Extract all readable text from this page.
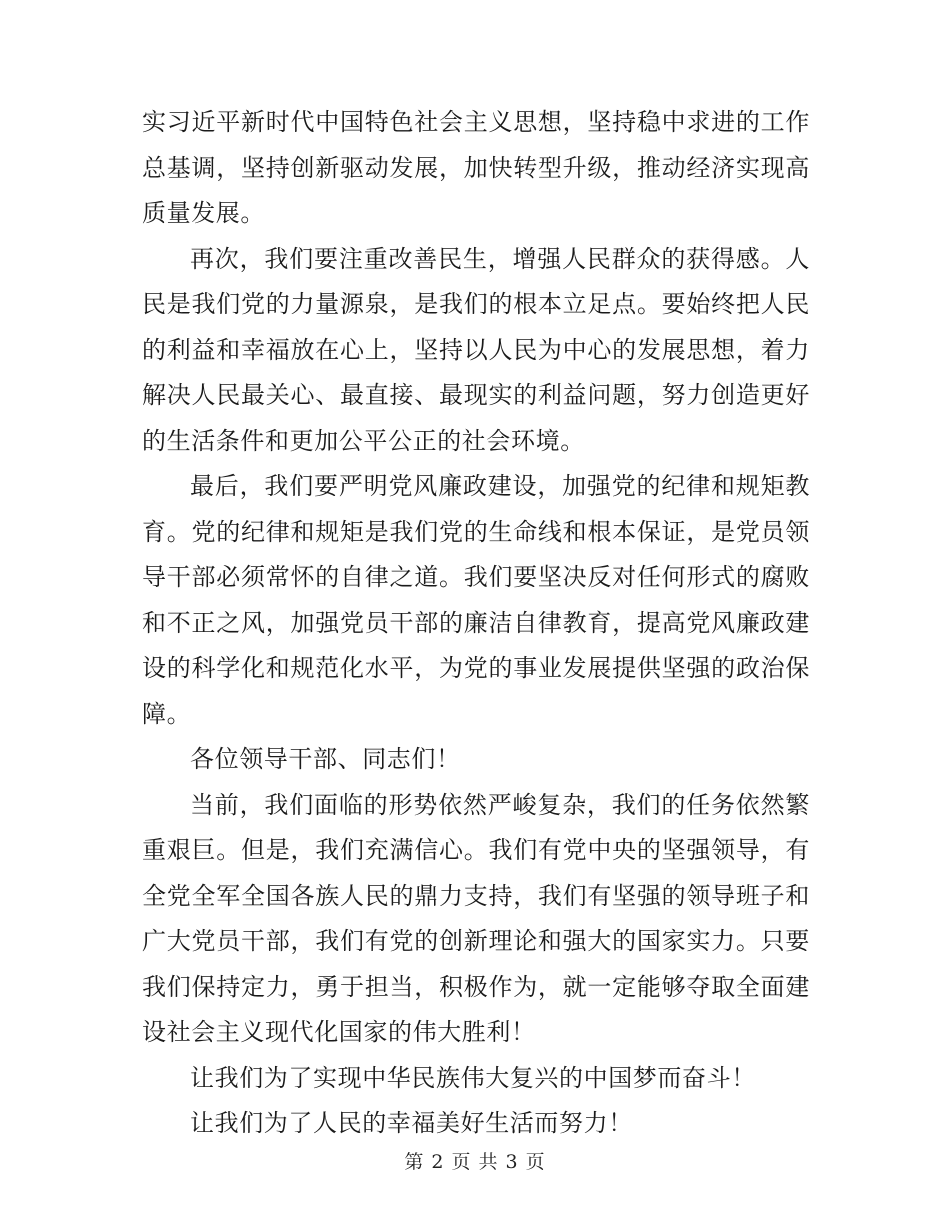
实习近平新时代中国特色社会主义思想，坚持稳中求进的工作总基调，坚持创新驱动发展，加快转型升级，推动经济实现高质量发展。

再次，我们要注重改善民生，增强人民群众的获得感。人民是我们党的力量源泉，是我们的根本立足点。要始终把人民的利益和幸福放在心上，坚持以人民为中心的发展思想，着力解决人民最关心、最直接、最现实的利益问题，努力创造更好的生活条件和更加公平公正的社会环境。

最后，我们要严明党风廉政建设，加强党的纪律和规矩教育。党的纪律和规矩是我们党的生命线和根本保证，是党员领导干部必须常怀的自律之道。我们要坚决反对任何形式的腐败和不正之风，加强党员干部的廉洁自律教育，提高党风廉政建设的科学化和规范化水平，为党的事业发展提供坚强的政治保障。

各位领导干部、同志们！

当前，我们面临的形势依然严峻复杂，我们的任务依然繁重艰巨。但是，我们充满信心。我们有党中央的坚强领导，有全党全军全国各族人民的鼎力支持，我们有坚强的领导班子和广大党员干部，我们有党的创新理论和强大的国家实力。只要我们保持定力，勇于担当，积极作为，就一定能够夺取全面建设社会主义现代化国家的伟大胜利！

让我们为了实现中华民族伟大复兴的中国梦而奋斗！

让我们为了人民的幸福美好生活而努力！

第 2 页 共 3 页
